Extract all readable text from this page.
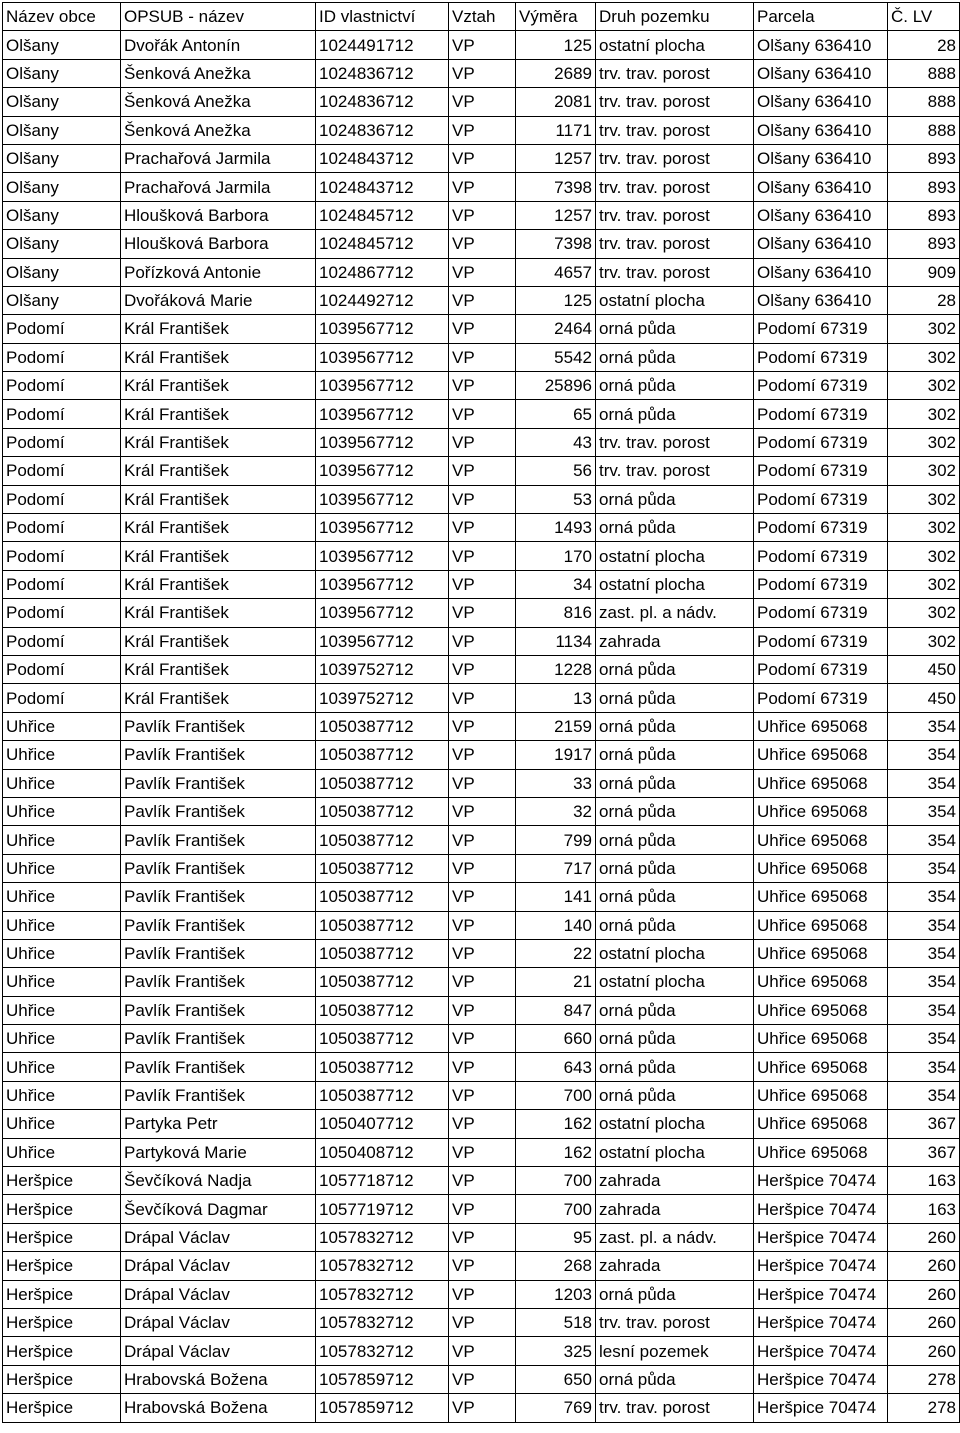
Název obce	OPSUB - název	ID vlastnictví	Vztah	Výměra	Druh pozemku	Parcela	Č. LV
Olšany	Dvořák Antonín	1024491712	VP	125	ostatní plocha	Olšany 636410	28
Olšany	Šenková Anežka	1024836712	VP	2689	trv. trav. porost	Olšany 636410	888
Olšany	Šenková Anežka	1024836712	VP	2081	trv. trav. porost	Olšany 636410	888
Olšany	Šenková Anežka	1024836712	VP	1171	trv. trav. porost	Olšany 636410	888
Olšany	Prachařová Jarmila	1024843712	VP	1257	trv. trav. porost	Olšany 636410	893
Olšany	Prachařová Jarmila	1024843712	VP	7398	trv. trav. porost	Olšany 636410	893
Olšany	Hloušková Barbora	1024845712	VP	1257	trv. trav. porost	Olšany 636410	893
Olšany	Hloušková Barbora	1024845712	VP	7398	trv. trav. porost	Olšany 636410	893
Olšany	Pořízková Antonie	1024867712	VP	4657	trv. trav. porost	Olšany 636410	909
Olšany	Dvořáková Marie	1024492712	VP	125	ostatní plocha	Olšany 636410	28
Podomí	Král František	1039567712	VP	2464	orná půda	Podomí 67319	302
Podomí	Král František	1039567712	VP	5542	orná půda	Podomí 67319	302
Podomí	Král František	1039567712	VP	25896	orná půda	Podomí 67319	302
Podomí	Král František	1039567712	VP	65	orná půda	Podomí 67319	302
Podomí	Král František	1039567712	VP	43	trv. trav. porost	Podomí 67319	302
Podomí	Král František	1039567712	VP	56	trv. trav. porost	Podomí 67319	302
Podomí	Král František	1039567712	VP	53	orná půda	Podomí 67319	302
Podomí	Král František	1039567712	VP	1493	orná půda	Podomí 67319	302
Podomí	Král František	1039567712	VP	170	ostatní plocha	Podomí 67319	302
Podomí	Král František	1039567712	VP	34	ostatní plocha	Podomí 67319	302
Podomí	Král František	1039567712	VP	816	zast. pl. a nádv.	Podomí 67319	302
Podomí	Král František	1039567712	VP	1134	zahrada	Podomí 67319	302
Podomí	Král František	1039752712	VP	1228	orná půda	Podomí 67319	450
Podomí	Král František	1039752712	VP	13	orná půda	Podomí 67319	450
Uhřice	Pavlík František	1050387712	VP	2159	orná půda	Uhřice 695068	354
Uhřice	Pavlík František	1050387712	VP	1917	orná půda	Uhřice 695068	354
Uhřice	Pavlík František	1050387712	VP	33	orná půda	Uhřice 695068	354
Uhřice	Pavlík František	1050387712	VP	32	orná půda	Uhřice 695068	354
Uhřice	Pavlík František	1050387712	VP	799	orná půda	Uhřice 695068	354
Uhřice	Pavlík František	1050387712	VP	717	orná půda	Uhřice 695068	354
Uhřice	Pavlík František	1050387712	VP	141	orná půda	Uhřice 695068	354
Uhřice	Pavlík František	1050387712	VP	140	orná půda	Uhřice 695068	354
Uhřice	Pavlík František	1050387712	VP	22	ostatní plocha	Uhřice 695068	354
Uhřice	Pavlík František	1050387712	VP	21	ostatní plocha	Uhřice 695068	354
Uhřice	Pavlík František	1050387712	VP	847	orná půda	Uhřice 695068	354
Uhřice	Pavlík František	1050387712	VP	660	orná půda	Uhřice 695068	354
Uhřice	Pavlík František	1050387712	VP	643	orná půda	Uhřice 695068	354
Uhřice	Pavlík František	1050387712	VP	700	orná půda	Uhřice 695068	354
Uhřice	Partyka Petr	1050407712	VP	162	ostatní plocha	Uhřice 695068	367
Uhřice	Partyková Marie	1050408712	VP	162	ostatní plocha	Uhřice 695068	367
Heršpice	Ševčíková Nadja	1057718712	VP	700	zahrada	Heršpice 70474	163
Heršpice	Ševčíková Dagmar	1057719712	VP	700	zahrada	Heršpice 70474	163
Heršpice	Drápal Václav	1057832712	VP	95	zast. pl. a nádv.	Heršpice 70474	260
Heršpice	Drápal Václav	1057832712	VP	268	zahrada	Heršpice 70474	260
Heršpice	Drápal Václav	1057832712	VP	1203	orná půda	Heršpice 70474	260
Heršpice	Drápal Václav	1057832712	VP	518	trv. trav. porost	Heršpice 70474	260
Heršpice	Drápal Václav	1057832712	VP	325	lesní pozemek	Heršpice 70474	260
Heršpice	Hrabovská Božena	1057859712	VP	650	orná půda	Heršpice 70474	278
Heršpice	Hrabovská Božena	1057859712	VP	769	trv. trav. porost	Heršpice 70474	278
